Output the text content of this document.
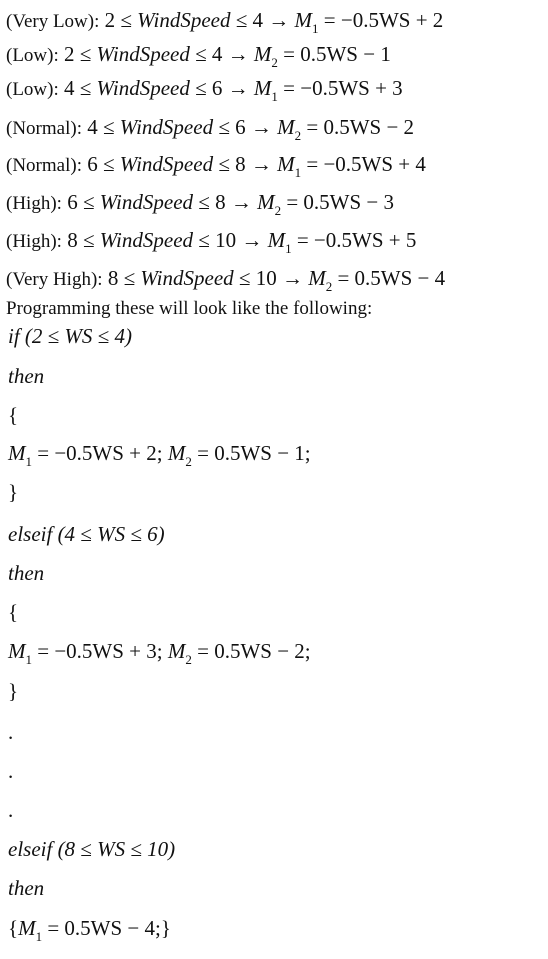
(Very Low): 2 ≤ WindSpeed ≤ $4 \to M_1 = -0.5WS + 2$
(Low): 2 ≤ WindSpeed ≤ $4 \to M_2 = 0.5WS - 1$
(Low): 4 ≤ WindSpeed ≤ $6 \to M_1 = -0.5WS + 3$
(Normal): 4 ≤ WindSpeed ≤ $6 \to M_2 = 0.5WS - 2$
(Normal): 6 ≤ WindSpeed ≤ $8 \to M_1 = -0.5WS + 4$
(High): 6 ≤ WindSpeed ≤ $8 \to M_2 = 0.5WS - 3$
(High): 8 ≤ WindSpeed ≤ $10 \to M_1 = -0.5WS + 5$
(Very High): 8 ≤ WindSpeed ≤ $10 \to M_2 = 0.5WS - 4$
Programming these will look like the following:
if (2 ≤ WS ≤ 4)
then
{
$M_1 = -0.5WS + 2$; $M_2 = 0.5WS - 1$;
}
elseif (4 ≤ WS ≤ 6)
then
{
$M_1 = -0.5WS + 3$; $M_2 = 0.5WS - 2$;
}
.
.
.
elseif (8 ≤ WS ≤ 10)
then
{$M_1 = 0.5WS$ − 4;}
